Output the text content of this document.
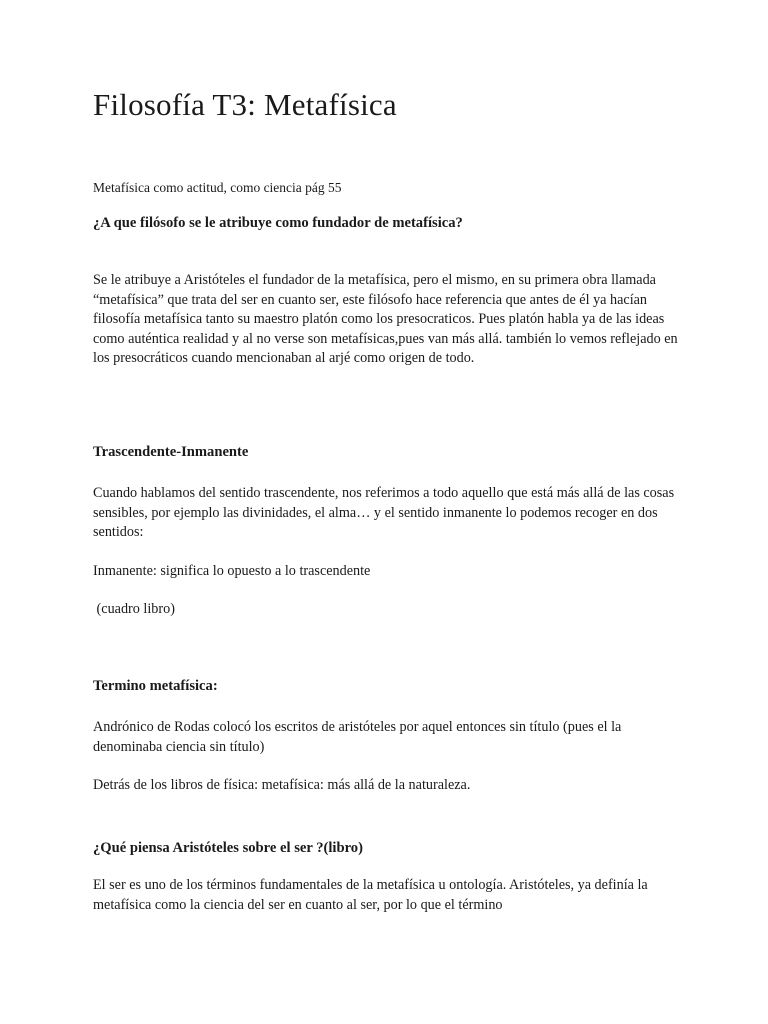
Filosofía T3: Metafísica

Metafísica como actitud, como ciencia pág 55

¿A que filósofo se le atribuye como fundador de metafísica?

Se le atribuye a Aristóteles el fundador de la metafísica, pero el mismo, en su primera obra llamada “metafísica” que trata del ser en cuanto ser, este filósofo hace referencia que antes de él ya hacían filosofía metafísica tanto su maestro platón como los presocraticos. Pues platón habla ya de las ideas como auténtica realidad y al no verse son metafísicas,pues van más allá. también lo vemos reflejado en los presocráticos cuando mencionaban al arjé como origen de todo.

Trascendente-Inmanente

Cuando hablamos del sentido trascendente, nos referimos a todo aquello que está más allá de las cosas sensibles, por ejemplo las divinidades, el alma… y el sentido inmanente lo podemos recoger en dos sentidos:

Inmanente: significa lo opuesto a lo trascendente

(cuadro libro)

Termino metafísica:

Andrónico de Rodas colocó los escritos de aristóteles por aquel entonces sin título (pues el la denominaba ciencia sin título)

Detrás de los libros de física: metafísica: más allá de la naturaleza.

¿Qué piensa Aristóteles sobre el ser ?(libro)

El ser es uno de los términos fundamentales de la metafísica u ontología. Aristóteles, ya definía la metafísica como la ciencia del ser en cuanto al ser, por lo que el término
